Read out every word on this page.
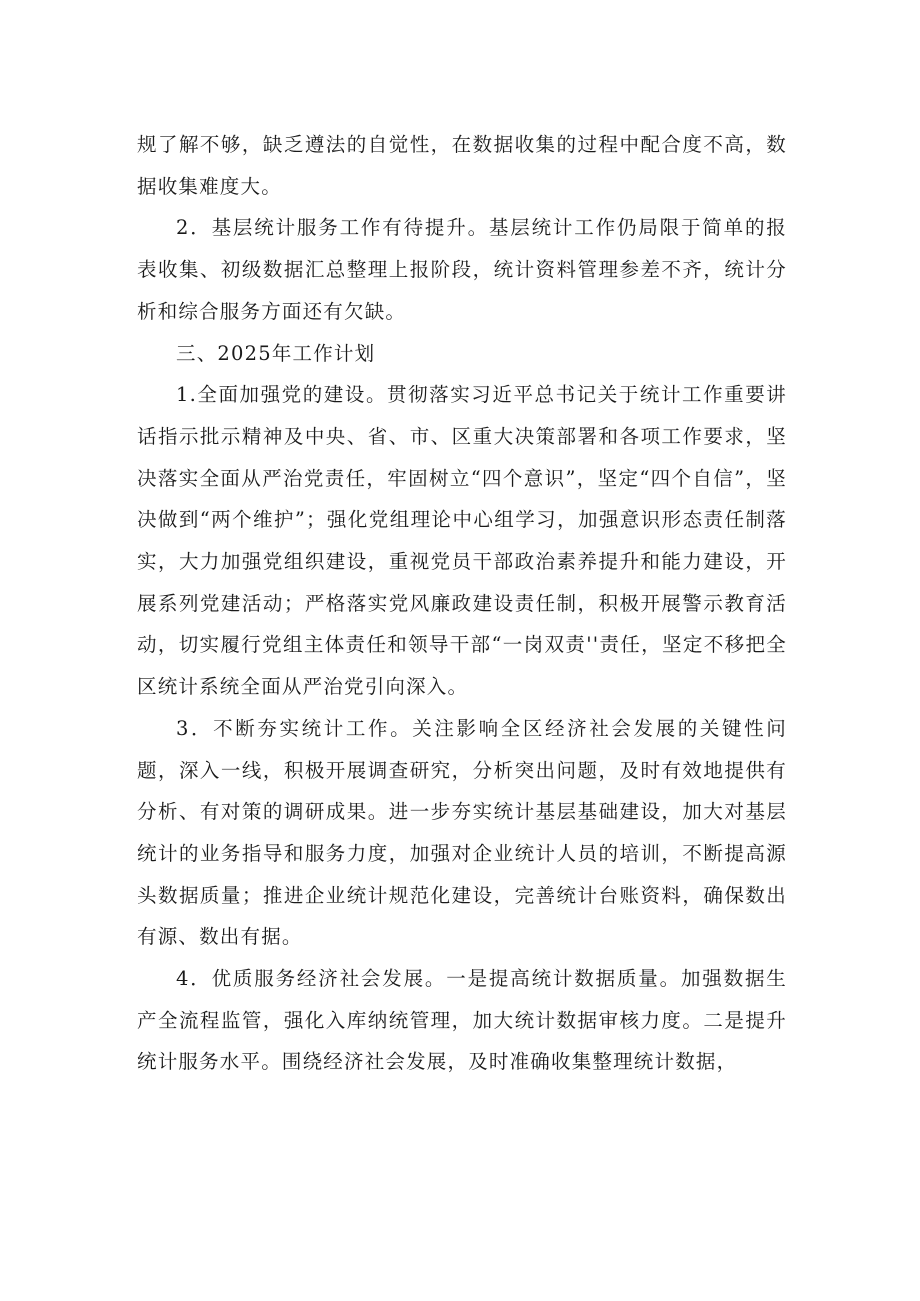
规了解不够，缺乏遵法的自觉性，在数据收集的过程中配合度不高，数据收集难度大。

2．基层统计服务工作有待提升。基层统计工作仍局限于简单的报表收集、初级数据汇总整理上报阶段，统计资料管理参差不齐，统计分析和综合服务方面还有欠缺。

三、2025年工作计划

1.全面加强党的建设。贯彻落实习近平总书记关于统计工作重要讲话指示批示精神及中央、省、市、区重大决策部署和各项工作要求，坚决落实全面从严治党责任，牢固树立“四个意识”，坚定“四个自信”，坚决做到“两个维护”；强化党组理论中心组学习，加强意识形态责任制落实，大力加强党组织建设，重视党员干部政治素养提升和能力建设，开展系列党建活动；严格落实党风廉政建设责任制，积极开展警示教育活动，切实履行党组主体责任和领导干部“一岗双责''责任，坚定不移把全区统计系统全面从严治党引向深入。

3．不断夯实统计工作。关注影响全区经济社会发展的关键性问题，深入一线，积极开展调查研究，分析突出问题，及时有效地提供有分析、有对策的调研成果。进一步夯实统计基层基础建设，加大对基层统计的业务指导和服务力度，加强对企业统计人员的培训，不断提高源头数据质量；推进企业统计规范化建设，完善统计台账资料，确保数出有源、数出有据。

4．优质服务经济社会发展。一是提高统计数据质量。加强数据生产全流程监管，强化入库纳统管理，加大统计数据审核力度。二是提升统计服务水平。围绕经济社会发展，及时准确收集整理统计数据，
